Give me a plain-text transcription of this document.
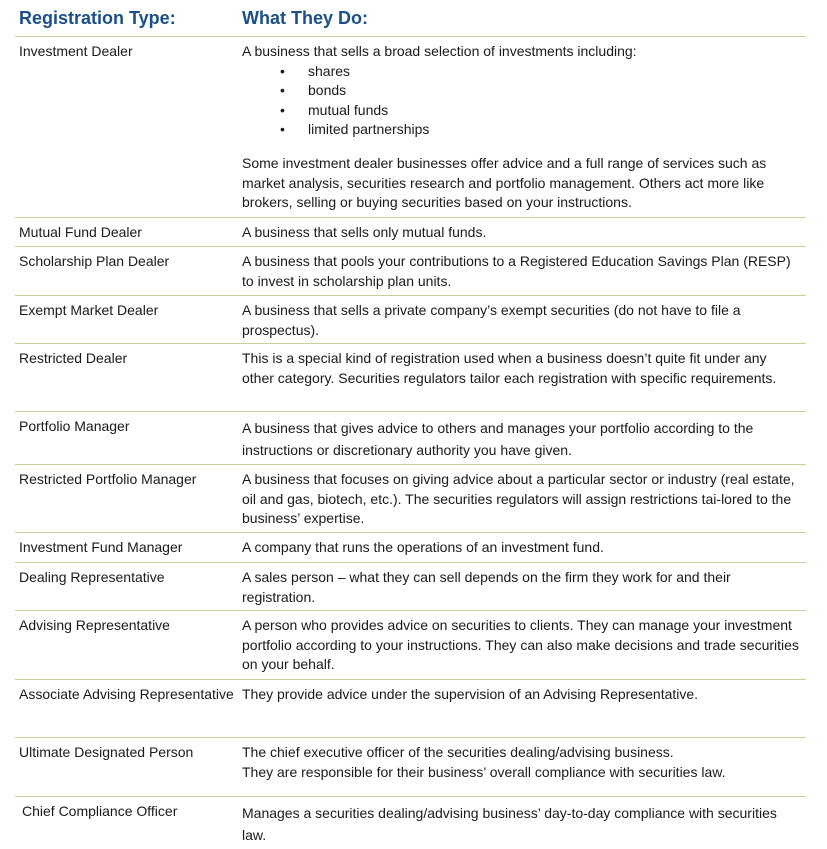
Registration Type:	What They Do:
Investment Dealer	A business that sells a broad selection of investments including:
• shares
• bonds
• mutual funds
• limited partnerships
Some investment dealer businesses offer advice and a full range of services such as market analysis, securities research and portfolio management. Others act more like brokers, selling or buying securities based on your instructions.
Mutual Fund Dealer	A business that sells only mutual funds.
Scholarship Plan Dealer	A business that pools your contributions to a Registered Education Savings Plan (RESP) to invest in scholarship plan units.
Exempt Market Dealer	A business that sells a private company’s exempt securities (do not have to file a prospectus).
Restricted Dealer	This is a special kind of registration used when a business doesn’t quite fit under any other category. Securities regulators tailor each registration with specific requirements.
Portfolio Manager	A business that gives advice to others and manages your portfolio according to the instructions or discretionary authority you have given.
Restricted Portfolio Manager	A business that focuses on giving advice about a particular sector or industry (real estate, oil and gas, biotech, etc.). The securities regulators will assign restrictions tai-lored to the business’ expertise.
Investment Fund Manager	A company that runs the operations of an investment fund.
Dealing Representative	A sales person – what they can sell depends on the firm they work for and their registration.
Advising Representative	A person who provides advice on securities to clients. They can manage your investment portfolio according to your instructions. They can also make decisions and trade securities on your behalf.
Associate Advising Representative They provide advice under the supervision of an Advising Representative.
Ultimate Designated Person	The chief executive officer of the securities dealing/advising business.
They are responsible for their business’ overall compliance with securities law.
Chief Compliance Officer	Manages a securities dealing/advising business’ day-to-day compliance with securities law.
